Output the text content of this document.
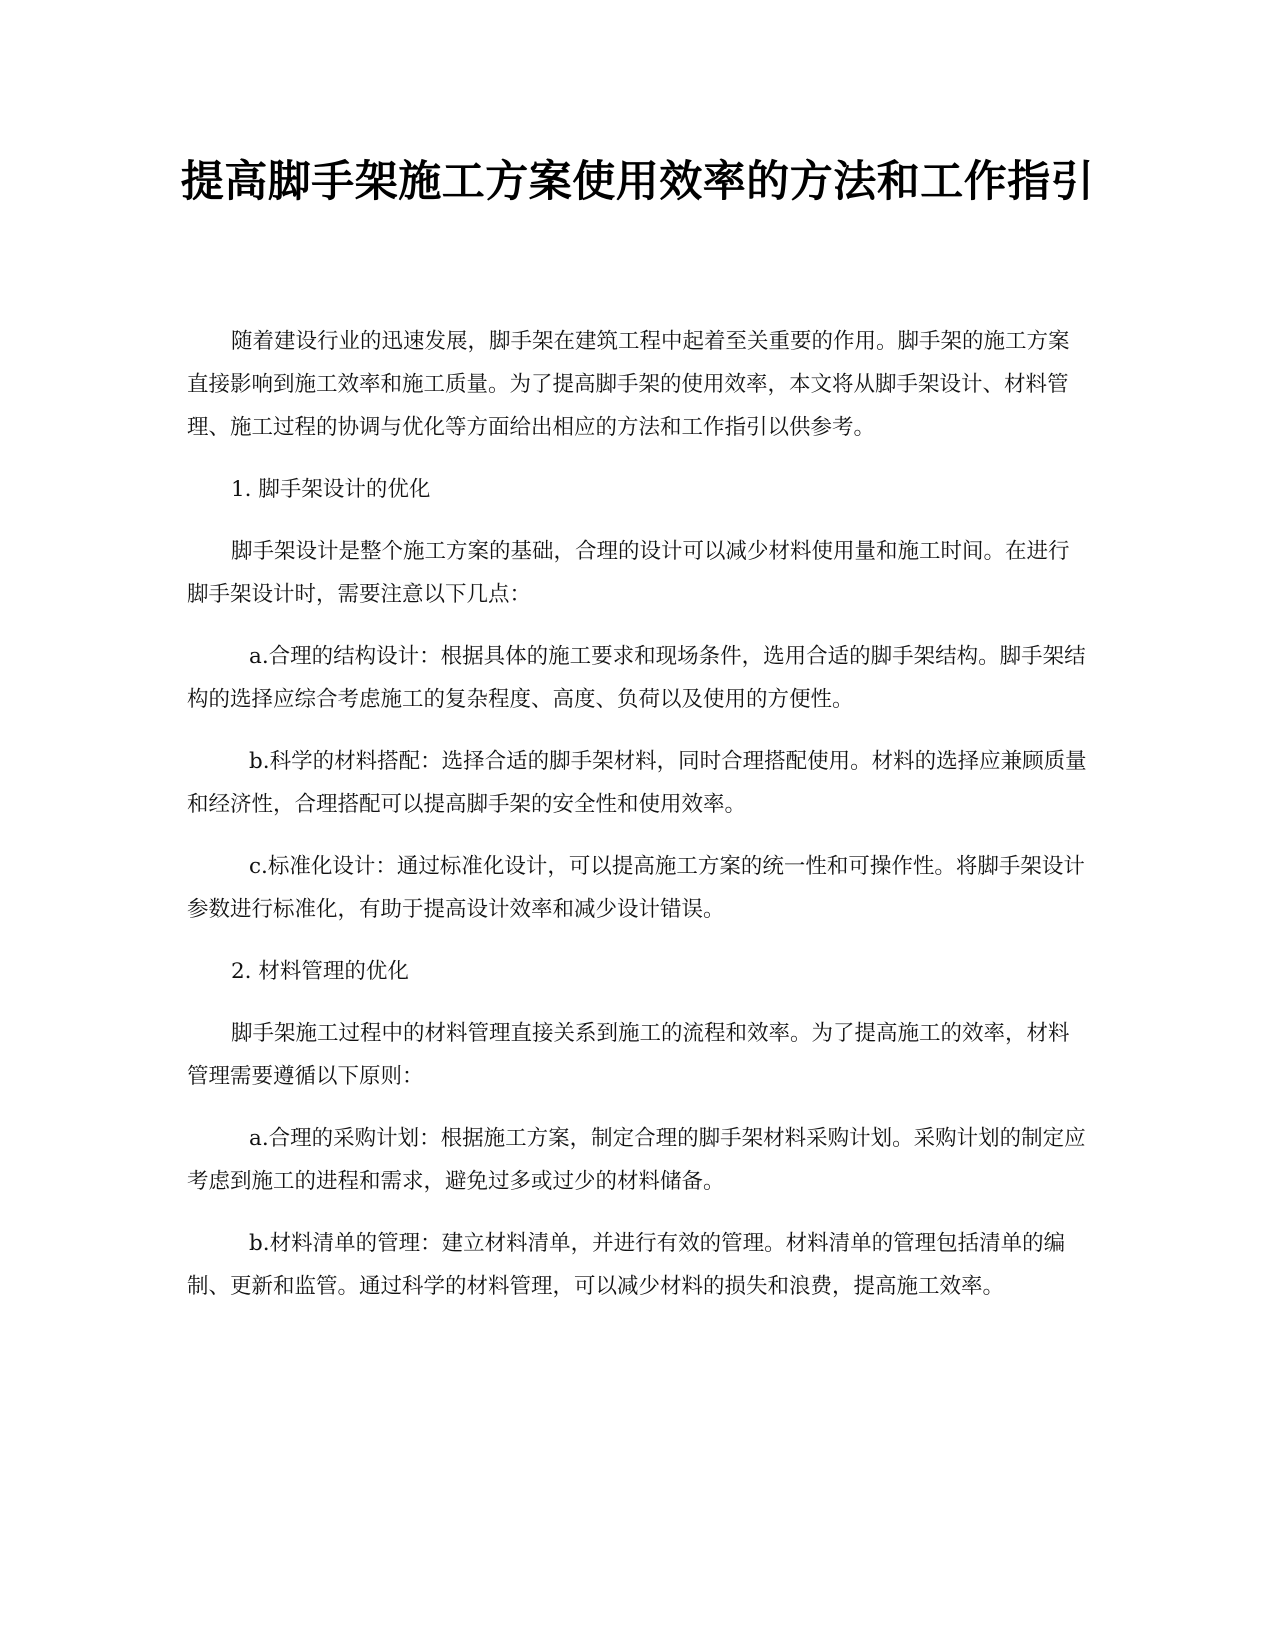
提高脚手架施工方案使用效率的方法和工作指引

随着建设行业的迅速发展，脚手架在建筑工程中起着至关重要的作用。脚手架的施工方案直接影响到施工效率和施工质量。为了提高脚手架的使用效率，本文将从脚手架设计、材料管理、施工过程的协调与优化等方面给出相应的方法和工作指引以供参考。

1. 脚手架设计的优化

脚手架设计是整个施工方案的基础，合理的设计可以减少材料使用量和施工时间。在进行脚手架设计时，需要注意以下几点：

a.合理的结构设计：根据具体的施工要求和现场条件，选用合适的脚手架结构。脚手架结构的选择应综合考虑施工的复杂程度、高度、负荷以及使用的方便性。

b.科学的材料搭配：选择合适的脚手架材料，同时合理搭配使用。材料的选择应兼顾质量和经济性，合理搭配可以提高脚手架的安全性和使用效率。

c.标准化设计：通过标准化设计，可以提高施工方案的统一性和可操作性。将脚手架设计参数进行标准化，有助于提高设计效率和减少设计错误。

2. 材料管理的优化

脚手架施工过程中的材料管理直接关系到施工的流程和效率。为了提高施工的效率，材料管理需要遵循以下原则：

a.合理的采购计划：根据施工方案，制定合理的脚手架材料采购计划。采购计划的制定应考虑到施工的进程和需求，避免过多或过少的材料储备。

b.材料清单的管理：建立材料清单，并进行有效的管理。材料清单的管理包括清单的编制、更新和监管。通过科学的材料管理，可以减少材料的损失和浪费，提高施工效率。
